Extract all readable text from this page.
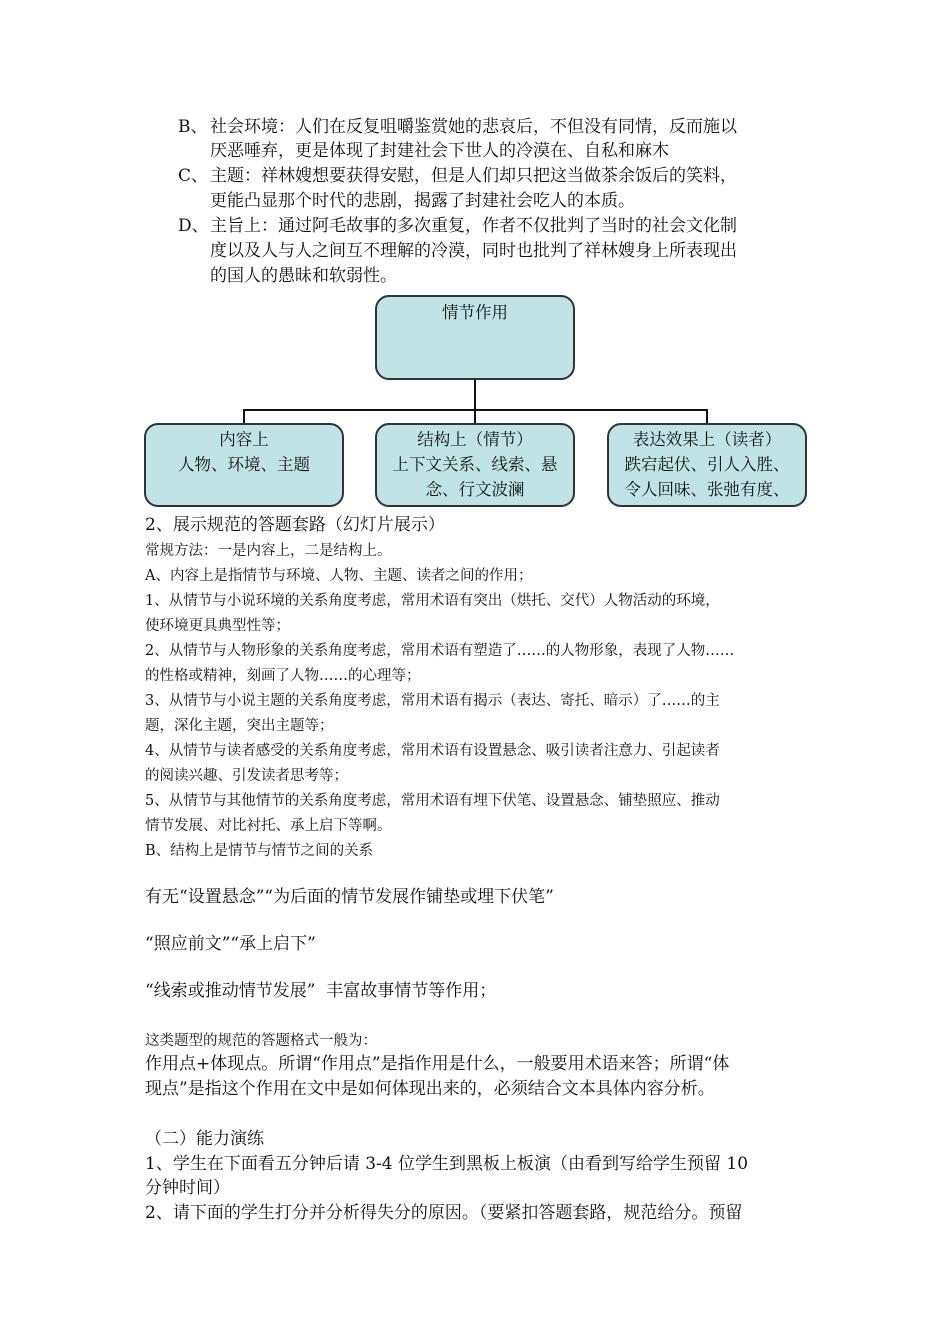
B、 社会环境：人们在反复咀嚼鉴赏她的悲哀后，不但没有同情，反而施以
厌恶唾弃，更是体现了封建社会下世人的冷漠在、自私和麻木
C、 主题：祥林嫂想要获得安慰，但是人们却只把这当做茶余饭后的笑料，
更能凸显那个时代的悲剧，揭露了封建社会吃人的本质。
D、 主旨上：通过阿毛故事的多次重复，作者不仅批判了当时的社会文化制
度以及人与人之间互不理解的冷漠，同时也批判了祥林嫂身上所表现出
的国人的愚昧和软弱性。
情节作用
内容上
人物、环境、主题
结构上（情节）
上下文关系、线索、悬
念、行文波澜
表达效果上（读者）
跌宕起伏、引人入胜、
令人回味、张弛有度、
2、展示规范的答题套路（幻灯片展示）
常规方法：一是内容上，二是结构上。
A、内容上是指情节与环境、人物、主题、读者之间的作用；
1、从情节与小说环境的关系角度考虑，常用术语有突出（烘托、交代）人物活动的环境，
使环境更具典型性等；
2、从情节与人物形象的关系角度考虑，常用术语有塑造了……的人物形象，表现了人物……
的性格或精神，刻画了人物……的心理等；
3、从情节与小说主题的关系角度考虑，常用术语有揭示（表达、寄托、暗示）了……的主
题，深化主题，突出主题等；
4、从情节与读者感受的关系角度考虑，常用术语有设置悬念、吸引读者注意力、引起读者
的阅读兴趣、引发读者思考等；
5、从情节与其他情节的关系角度考虑，常用术语有埋下伏笔、设置悬念、铺垫照应、推动
情节发展、对比衬托、承上启下等啊。
B、结构上是情节与情节之间的关系
有无“设置悬念”“为后面的情节发展作铺垫或埋下伏笔”
“照应前文”“承上启下”
“线索或推动情节发展”  丰富故事情节等作用；
这类题型的规范的答题格式一般为：
作用点+体现点。所谓“作用点”是指作用是什么，一般要用术语来答；所谓“体
现点”是指这个作用在文中是如何体现出来的，必须结合文本具体内容分析。
（二）能力演练
1、学生在下面看五分钟后请 3-4 位学生到黑板上板演（由看到写给学生预留 10
分钟时间）
2、请下面的学生打分并分析得失分的原因。（要紧扣答题套路，规范给分。预留
